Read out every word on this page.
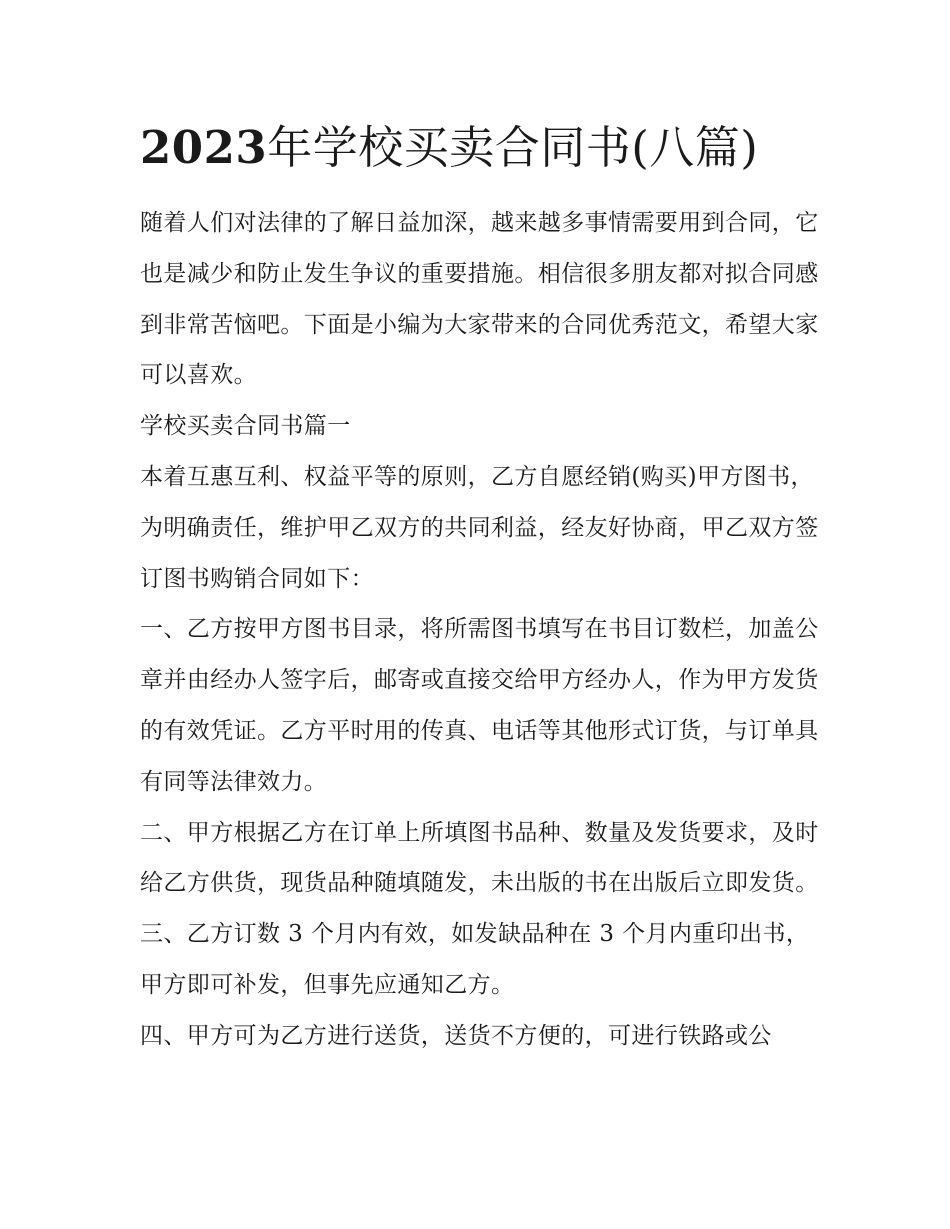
2023年学校买卖合同书(八篇)

随着人们对法律的了解日益加深，越来越多事情需要用到合同，它也是减少和防止发生争议的重要措施。相信很多朋友都对拟合同感到非常苦恼吧。下面是小编为大家带来的合同优秀范文，希望大家可以喜欢。

学校买卖合同书篇一

本着互惠互利、权益平等的原则，乙方自愿经销(购买)甲方图书，为明确责任，维护甲乙双方的共同利益，经友好协商，甲乙双方签订图书购销合同如下：

一、乙方按甲方图书目录，将所需图书填写在书目订数栏，加盖公章并由经办人签字后，邮寄或直接交给甲方经办人，作为甲方发货的有效凭证。乙方平时用的传真、电话等其他形式订货，与订单具有同等法律效力。

二、甲方根据乙方在订单上所填图书品种、数量及发货要求，及时给乙方供货，现货品种随填随发，未出版的书在出版后立即发货。

三、乙方订数 3 个月内有效，如发缺品种在 3 个月内重印出书，甲方即可补发，但事先应通知乙方。

四、甲方可为乙方进行送货，送货不方便的，可进行铁路或公
